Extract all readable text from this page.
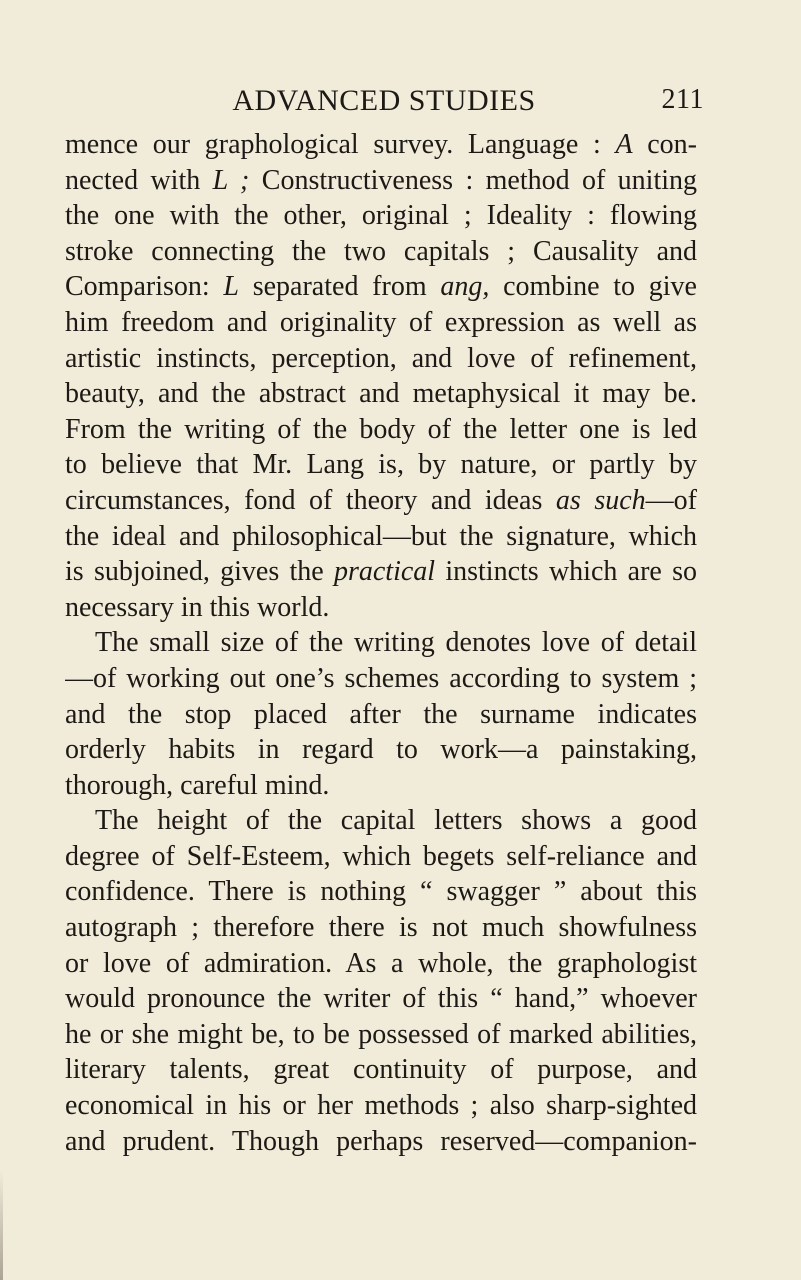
ADVANCED STUDIES	211
mence our graphological survey. Language : A con-
nected with L ; Constructiveness : method of uniting
the one with the other, original ; Ideality : flowing
stroke connecting the two capitals ; Causality and
Comparison: L separated from ang, combine to give
him freedom and originality of expression as well as
artistic instincts, perception, and love of refinement,
beauty, and the abstract and metaphysical it may be.
From the writing of the body of the letter one is led
to believe that Mr. Lang is, by nature, or partly by
circumstances, fond of theory and ideas as such—of
the ideal and philosophical—but the signature, which
is subjoined, gives the practical instincts which are so
necessary in this world.
The small size of the writing denotes love of detail
—of working out one’s schemes according to system ;
and the stop placed after the surname indicates
orderly habits in regard to work—a painstaking,
thorough, careful mind.
The height of the capital letters shows a good
degree of Self-Esteem, which begets self-reliance and
confidence. There is nothing “ swagger ” about this
autograph ; therefore there is not much showfulness
or love of admiration. As a whole, the graphologist
would pronounce the writer of this “ hand,” whoever
he or she might be, to be possessed of marked abilities,
literary talents, great continuity of purpose, and
economical in his or her methods ; also sharp-sighted
and prudent. Though perhaps reserved—companion-
